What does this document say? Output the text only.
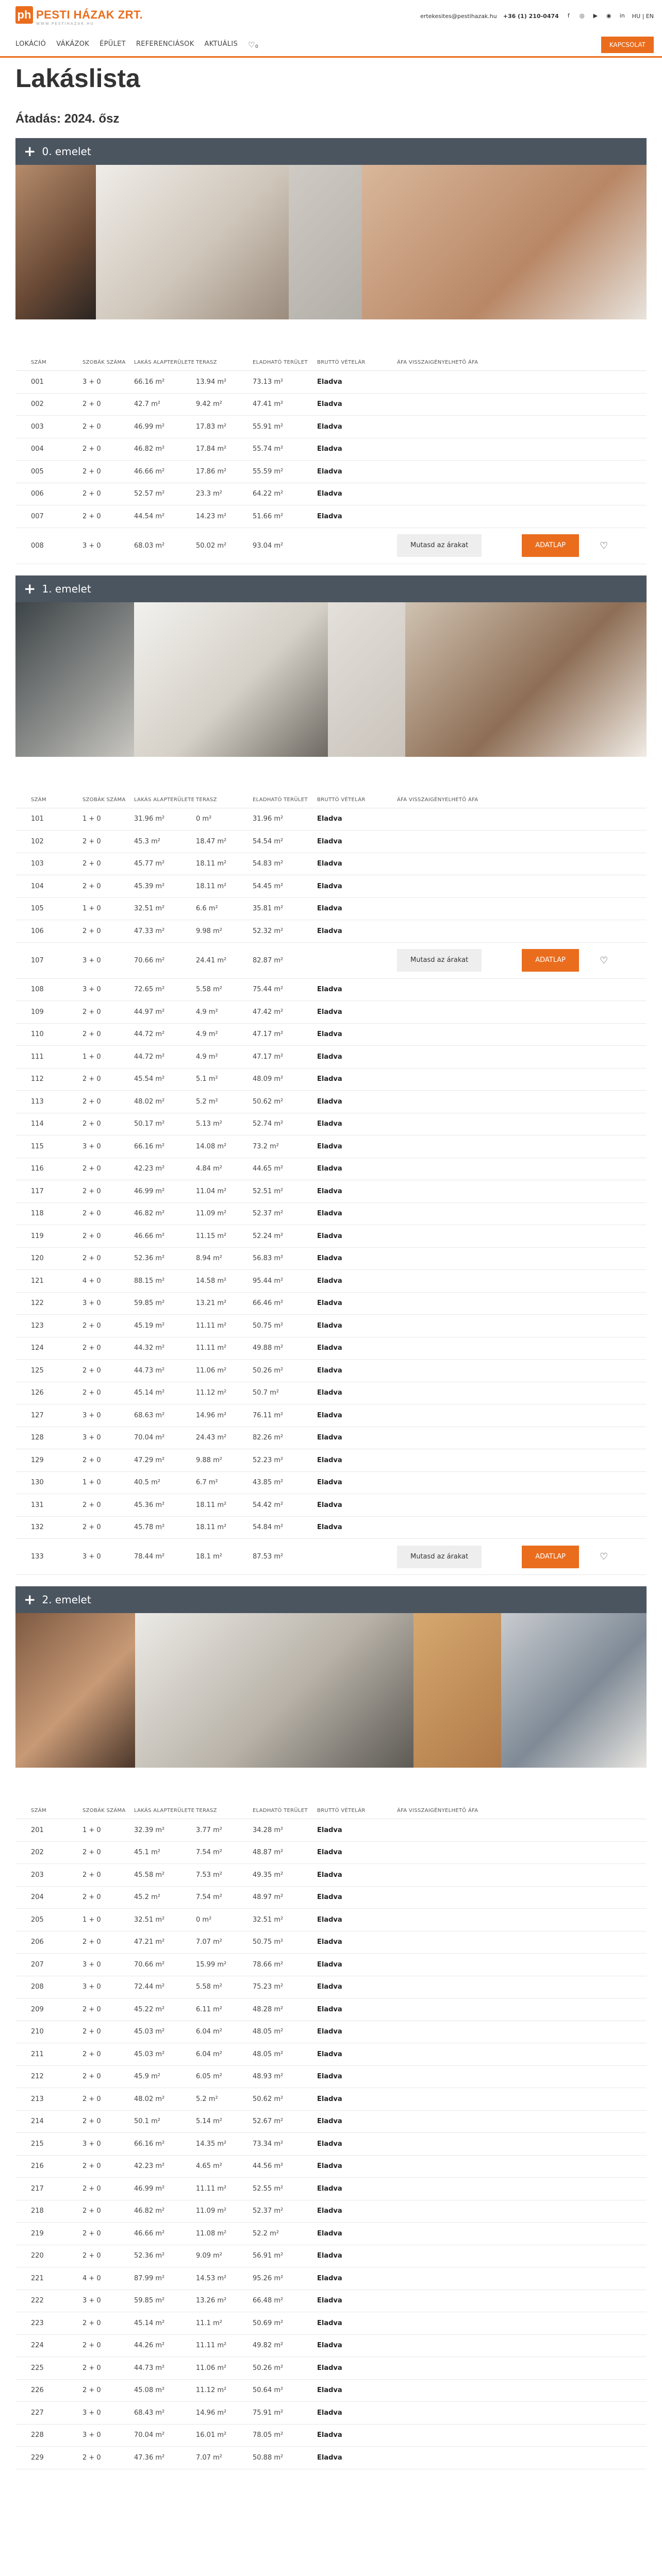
ph PESTI HÁZAK ZRT.
WWW.PESTIHAZAK.HU
ertekesites@pestihazak.hu +36 (1) 210-0474	f	◎ ▶ ◉ in HU | EN
LOKÁCIÓ VÁKÁZOK ÉPÜLET REFERENCIÁSOK AKTUÁLIS ♡ 0	KAPCSOLAT
Lakáslista
Átadás: 2024. ősz
+ 0. emelet
SZÁM	SZOBÁK SZÁMA	LAKÁS ALAPTERÜLETE TERASZ	ELADHATÓ TERÜLET	BRUTTÓ VÉTELÁR	ÁFA VISSZAIGÉNYELHETŐ ÁFA
001	3 + 0	66.16 m²	13.94 m²	73.13 m²	Eladva
002	2 + 0	42.7 m²	9.42 m²	47.41 m²	Eladva
003	2 + 0	46.99 m²	17.83 m²	55.91 m²	Eladva
004	2 + 0	46.82 m²	17.84 m²	55.74 m²	Eladva
005	2 + 0	46.66 m²	17.86 m²	55.59 m²	Eladva
006	2 + 0	52.57 m²	23.3 m²	64.22 m²	Eladva
007	2 + 0	44.54 m²	14.23 m²	51.66 m²	Eladva
008	3 + 0	68.03 m²	50.02 m²	93.04 m²	Mutasd az árakat	ADATLAP	♡
+ 1. emelet
SZÁM	SZOBÁK SZÁMA	LAKÁS ALAPTERÜLETE TERASZ	ELADHATÓ TERÜLET	BRUTTÓ VÉTELÁR	ÁFA VISSZAIGÉNYELHETŐ ÁFA
101	1 + 0	31.96 m²	0 m²	31.96 m²	Eladva
102	2 + 0	45.3 m²	18.47 m²	54.54 m²	Eladva
103	2 + 0	45.77 m²	18.11 m²	54.83 m²	Eladva
104	2 + 0	45.39 m²	18.11 m²	54.45 m²	Eladva
105	1 + 0	32.51 m²	6.6 m²	35.81 m²	Eladva
106	2 + 0	47.33 m²	9.98 m²	52.32 m²	Eladva
107	3 + 0	70.66 m²	24.41 m²	82.87 m²	Mutasd az árakat	ADATLAP	♡
108	3 + 0	72.65 m²	5.58 m²	75.44 m²	Eladva
109	2 + 0	44.97 m²	4.9 m²	47.42 m²	Eladva
110	2 + 0	44.72 m²	4.9 m²	47.17 m²	Eladva
111	1 + 0	44.72 m²	4.9 m²	47.17 m²	Eladva
112	2 + 0	45.54 m²	5.1 m²	48.09 m²	Eladva
113	2 + 0	48.02 m²	5.2 m²	50.62 m²	Eladva
114	2 + 0	50.17 m²	5.13 m²	52.74 m²	Eladva
115	3 + 0	66.16 m²	14.08 m²	73.2 m²	Eladva
116	2 + 0	42.23 m²	4.84 m²	44.65 m²	Eladva
117	2 + 0	46.99 m²	11.04 m²	52.51 m²	Eladva
118	2 + 0	46.82 m²	11.09 m²	52.37 m²	Eladva
119	2 + 0	46.66 m²	11.15 m²	52.24 m²	Eladva
120	2 + 0	52.36 m²	8.94 m²	56.83 m²	Eladva
121	4 + 0	88.15 m²	14.58 m²	95.44 m²	Eladva
122	3 + 0	59.85 m²	13.21 m²	66.46 m²	Eladva
123	2 + 0	45.19 m²	11.11 m²	50.75 m²	Eladva
124	2 + 0	44.32 m²	11.11 m²	49.88 m²	Eladva
125	2 + 0	44.73 m²	11.06 m²	50.26 m²	Eladva
126	2 + 0	45.14 m²	11.12 m²	50.7 m²	Eladva
127	3 + 0	68.63 m²	14.96 m²	76.11 m²	Eladva
128	3 + 0	70.04 m²	24.43 m²	82.26 m²	Eladva
129	2 + 0	47.29 m²	9.88 m²	52.23 m²	Eladva
130	1 + 0	40.5 m²	6.7 m²	43.85 m²	Eladva
131	2 + 0	45.36 m²	18.11 m²	54.42 m²	Eladva
132	2 + 0	45.78 m²	18.11 m²	54.84 m²	Eladva
133	3 + 0	78.44 m²	18.1 m²	87.53 m²	Mutasd az árakat	ADATLAP	♡
+ 2. emelet
SZÁM	SZOBÁK SZÁMA	LAKÁS ALAPTERÜLETE TERASZ	ELADHATÓ TERÜLET	BRUTTÓ VÉTELÁR	ÁFA VISSZAIGÉNYELHETŐ ÁFA
201	1 + 0	32.39 m²	3.77 m²	34.28 m²	Eladva
202	2 + 0	45.1 m²	7.54 m²	48.87 m²	Eladva
203	2 + 0	45.58 m²	7.53 m²	49.35 m²	Eladva
204	2 + 0	45.2 m²	7.54 m²	48.97 m²	Eladva
205	1 + 0	32.51 m²	0 m²	32.51 m²	Eladva
206	2 + 0	47.21 m²	7.07 m²	50.75 m²	Eladva
207	3 + 0	70.66 m²	15.99 m²	78.66 m²	Eladva
208	3 + 0	72.44 m²	5.58 m²	75.23 m²	Eladva
209	2 + 0	45.22 m²	6.11 m²	48.28 m²	Eladva
210	2 + 0	45.03 m²	6.04 m²	48.05 m²	Eladva
211	2 + 0	45.03 m²	6.04 m²	48.05 m²	Eladva
212	2 + 0	45.9 m²	6.05 m²	48.93 m²	Eladva
213	2 + 0	48.02 m²	5.2 m²	50.62 m²	Eladva
214	2 + 0	50.1 m²	5.14 m²	52.67 m²	Eladva
215	3 + 0	66.16 m²	14.35 m²	73.34 m²	Eladva
216	2 + 0	42.23 m²	4.65 m²	44.56 m²	Eladva
217	2 + 0	46.99 m²	11.11 m²	52.55 m²	Eladva
218	2 + 0	46.82 m²	11.09 m²	52.37 m²	Eladva
219	2 + 0	46.66 m²	11.08 m²	52.2 m²	Eladva
220	2 + 0	52.36 m²	9.09 m²	56.91 m²	Eladva
221	4 + 0	87.99 m²	14.53 m²	95.26 m²	Eladva
222	3 + 0	59.85 m²	13.26 m²	66.48 m²	Eladva
223	2 + 0	45.14 m²	11.1 m²	50.69 m²	Eladva
224	2 + 0	44.26 m²	11.11 m²	49.82 m²	Eladva
225	2 + 0	44.73 m²	11.06 m²	50.26 m²	Eladva
226	2 + 0	45.08 m²	11.12 m²	50.64 m²	Eladva
227	3 + 0	68.43 m²	14.96 m²	75.91 m²	Eladva
228	3 + 0	70.04 m²	16.01 m²	78.05 m²	Eladva
229	2 + 0	47.36 m²	7.07 m²	50.88 m²	Eladva
